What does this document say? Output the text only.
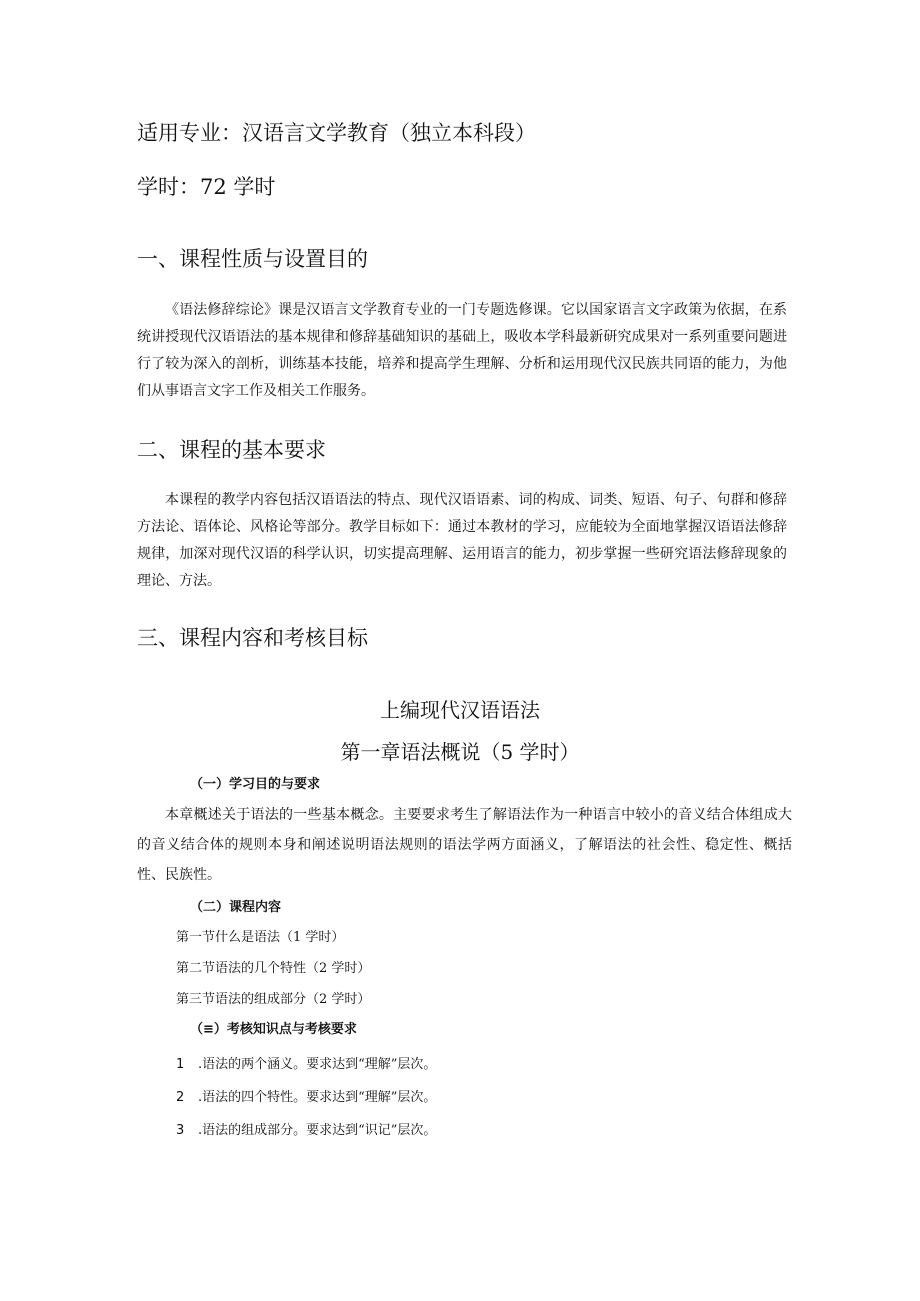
适用专业：汉语言文学教育（独立本科段）
学时：72 学时
一、课程性质与设置目的
《语法修辞综论》课是汉语言文学教育专业的一门专题选修课。它以国家语言文字政策为依据，在系统讲授现代汉语语法的基本规律和修辞基础知识的基础上，吸收本学科最新研究成果对一系列重要问题进行了较为深入的剖析，训练基本技能，培养和提高学生理解、分析和运用现代汉民族共同语的能力，为他们从事语言文字工作及相关工作服务。
二、课程的基本要求
本课程的教学内容包括汉语语法的特点、现代汉语语素、词的构成、词类、短语、句子、句群和修辞方法论、语体论、风格论等部分。教学目标如下：通过本教材的学习，应能较为全面地掌握汉语语法修辞规律，加深对现代汉语的科学认识，切实提高理解、运用语言的能力，初步掌握一些研究语法修辞现象的理论、方法。
三、课程内容和考核目标
上编现代汉语语法
第一章语法概说（5 学时）
（一）学习目的与要求
本章概述关于语法的一些基本概念。主要要求考生了解语法作为一种语言中较小的音义结合体组成大的音义结合体的规则本身和阐述说明语法规则的语法学两方面涵义，了解语法的社会性、稳定性、概括性、民族性。
（二）课程内容
第一节什么是语法（1 学时）
第二节语法的几个特性（2 学时）
第三节语法的组成部分（2 学时）
（≡）考核知识点与考核要求
1 .语法的两个涵义。要求达到“理解”层次。
2 .语法的四个特性。要求达到“理解”层次。
3 .语法的组成部分。要求达到“识记”层次。
